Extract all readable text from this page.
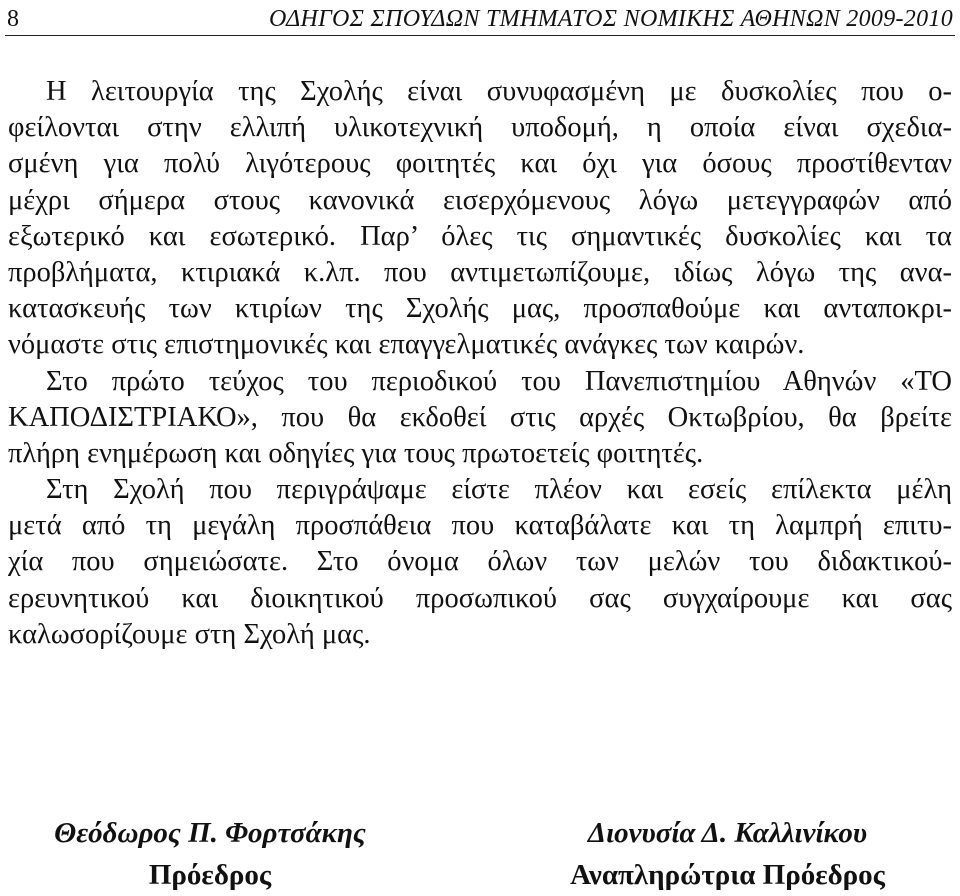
8	ΟΔΗΓΟΣ ΣΠΟΥΔΩΝ ΤΜΗΜΑΤΟΣ ΝΟΜΙΚΗΣ ΑΘΗΝΩΝ 2009-2010
Η λειτουργία της Σχολής είναι συνυφασμένη με δυσκολίες που ο-
φείλονται στην ελλιπή υλικοτεχνική υποδομή, η οποία είναι σχεδια-
σμένη για πολύ λιγότερους φοιτητές και όχι για όσους προστίθενταν
μέχρι σήμερα στους κανονικά εισερχόμενους λόγω μετεγγραφών από
εξωτερικό και εσωτερικό. Παρ’ όλες τις σημαντικές δυσκολίες και τα
προβλήματα, κτιριακά κ.λπ. που αντιμετωπίζουμε, ιδίως λόγω της ανα-
κατασκευής των κτιρίων της Σχολής μας, προσπαθούμε και ανταποκρι-
νόμαστε στις επιστημονικές και επαγγελματικές ανάγκες των καιρών.
Στο πρώτο τεύχος του περιοδικού του Πανεπιστημίου Αθηνών «ΤΟ
ΚΑΠΟΔΙΣΤΡΙΑΚΟ», που θα εκδοθεί στις αρχές Οκτωβρίου, θα βρείτε
πλήρη ενημέρωση και οδηγίες για τους πρωτοετείς φοιτητές.
Στη Σχολή που περιγράψαμε είστε πλέον και εσείς επίλεκτα μέλη
μετά από τη μεγάλη προσπάθεια που καταβάλατε και τη λαμπρή επιτυ-
χία που σημειώσατε. Στο όνομα όλων των μελών του διδακτικού-
ερευνητικού και διοικητικού προσωπικού σας συγχαίρουμε και σας
καλωσορίζουμε στη Σχολή μας.
Θεόδωρος Π. Φορτσάκης
Πρόεδρος
Διονυσία Δ. Καλλινίκου
Αναπληρώτρια Πρόεδρος
